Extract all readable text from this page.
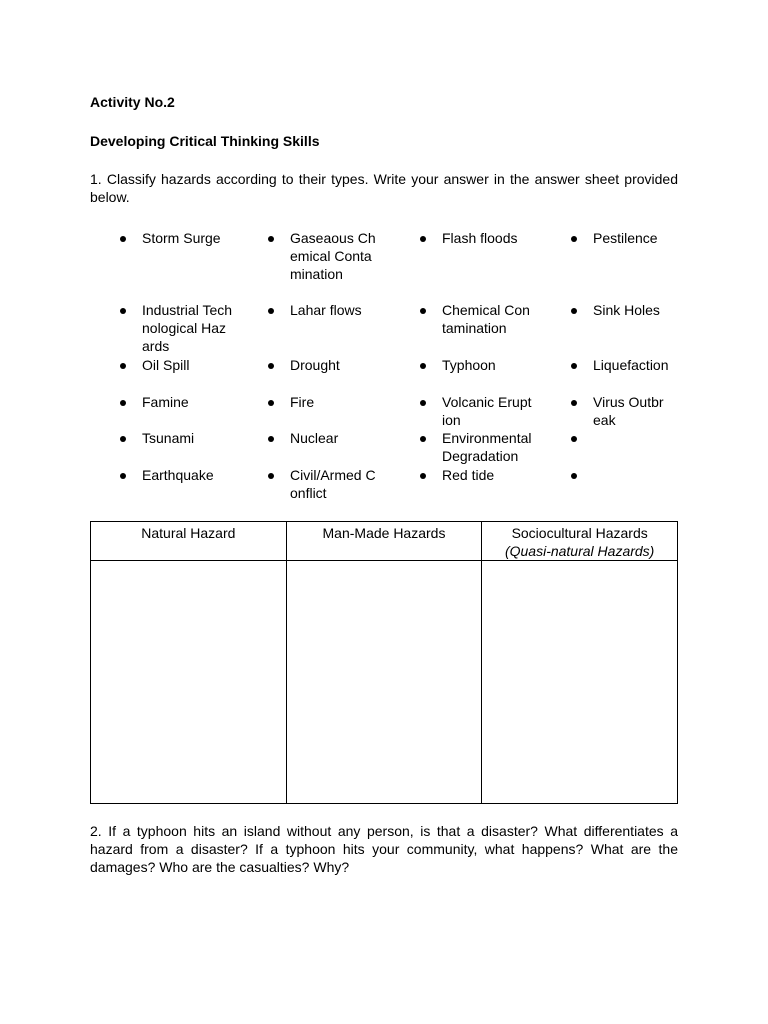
Activity No.2
Developing Critical Thinking Skills
1. Classify hazards according to their types. Write your answer in the answer sheet provided below.
Storm Surge	Gaseaous Chemical Contamination
Flash floods	Pestilence
Industrial Technological Hazards
Lahar flows	Chemical Contamination
Sink Holes
Oil Spill	Drought	Typhoon	Liquefaction
Famine	Fire	Volcanic Eruption
Virus Outbreak
Tsunami	Nuclear	Environmental Degradation
Earthquake	Civil/Armed Conflict
Red tide
Natural Hazard	Man-Made Hazards	Sociocultural Hazards
(Quasi-natural Hazards)

2. If a typhoon hits an island without any person, is that a disaster? What differentiates a hazard from a disaster? If a typhoon hits your community, what happens? What are the damages? Who are the casualties? Why?
